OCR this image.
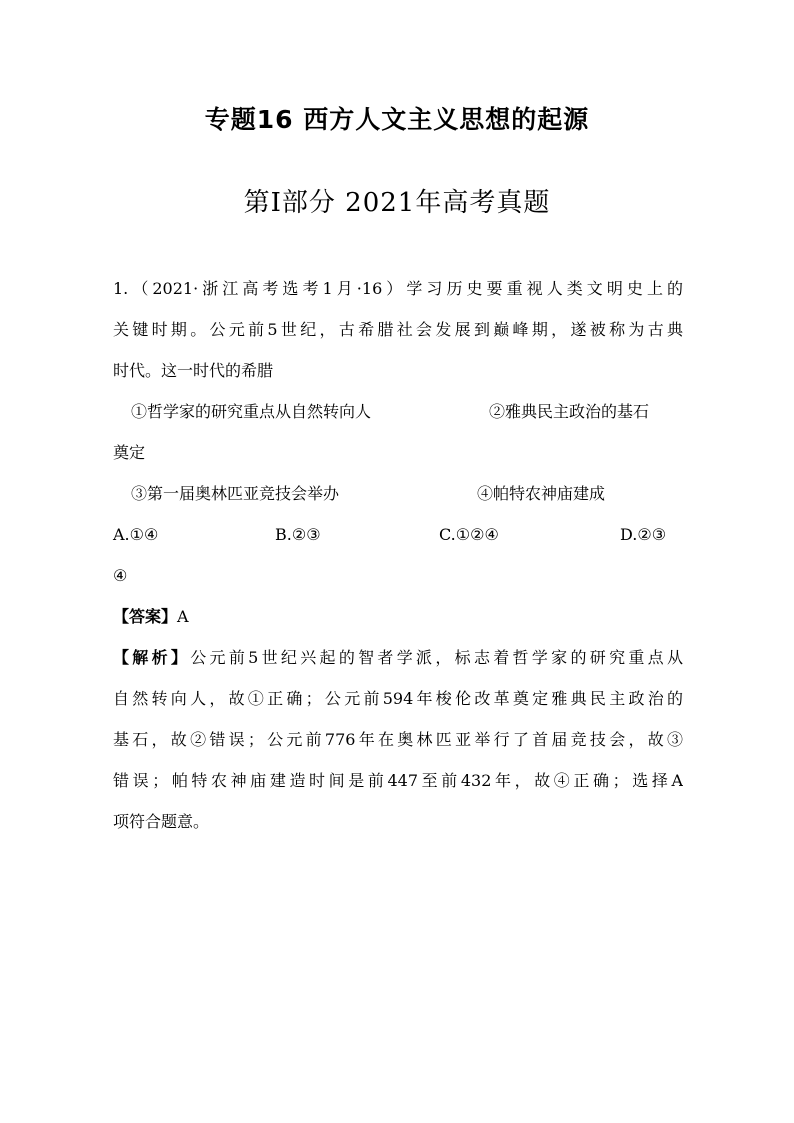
专题16 西方人文主义思想的起源
第Ⅰ部分 2021年高考真题
1.（2021·浙江高考选考1月·16）学习历史要重视人类文明史上的
关键时期。公元前5世纪，古希腊社会发展到巅峰期，遂被称为古典
时代。这一时代的希腊
①哲学家的研究重点从自然转向人	②雅典民主政治的基石
奠定
③第一届奥林匹亚竞技会举办	④帕特农神庙建成
A.①④	B.②③	C.①②④	D.②③
④
【答案】A
【解析】公元前5世纪兴起的智者学派，标志着哲学家的研究重点从
自然转向人，故①正确；公元前594年梭伦改革奠定雅典民主政治的
基石，故②错误；公元前776年在奥林匹亚举行了首届竞技会，故③
错误；帕特农神庙建造时间是前447至前432年，故④正确；选择A
项符合题意。
